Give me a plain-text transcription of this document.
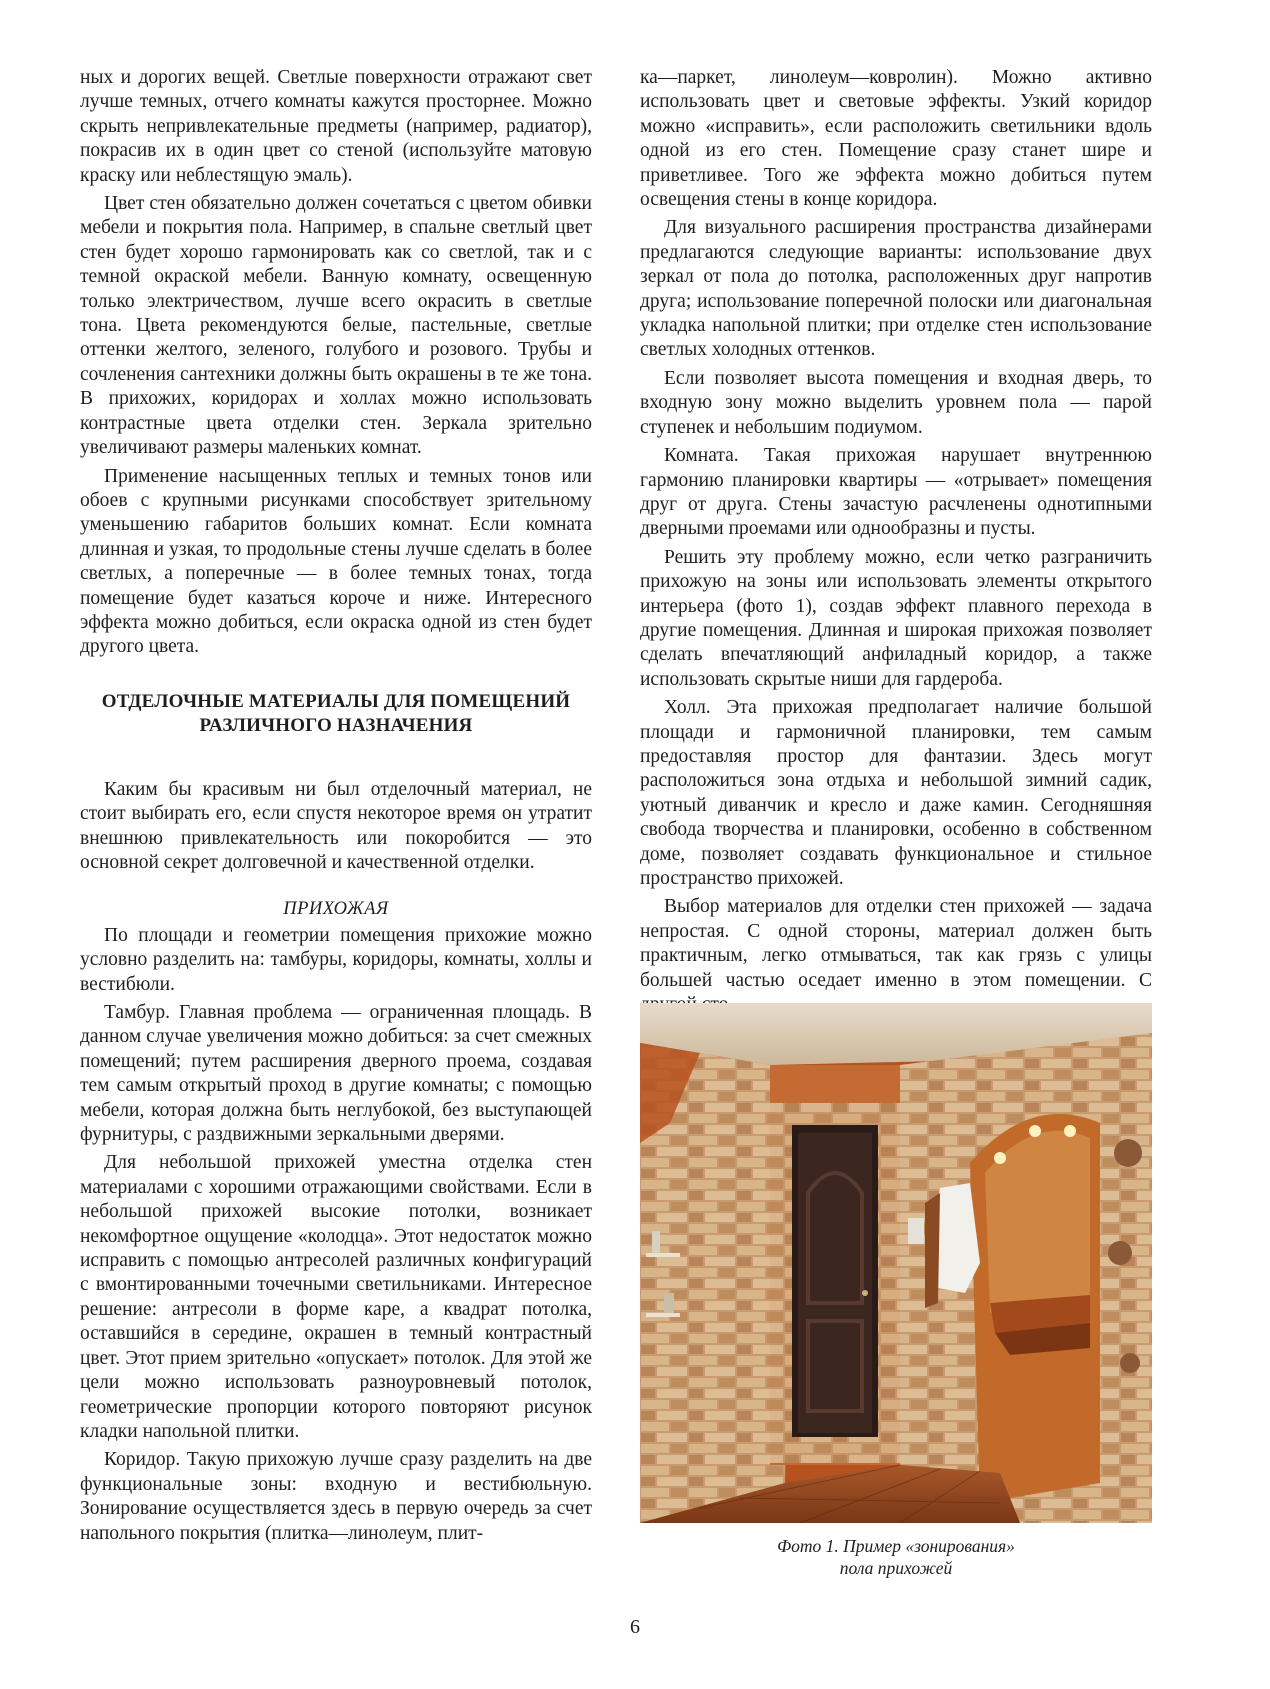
ных и дорогих вещей. Светлые поверхности отражают свет лучше темных, отчего комнаты кажутся просторнее. Можно скрыть непривлекательные предметы (например, радиатор), покрасив их в один цвет со стеной (используйте матовую краску или неблестящую эмаль).

Цвет стен обязательно должен сочетаться с цветом обивки мебели и покрытия пола. Например, в спальне светлый цвет стен будет хорошо гармонировать как со светлой, так и с темной окраской мебели. Ванную комнату, освещенную только электричеством, лучше всего окрасить в светлые тона. Цвета рекомендуются белые, пастельные, светлые оттенки желтого, зеленого, голубого и розового. Трубы и сочленения сантехники должны быть окрашены в те же тона. В прихожих, коридорах и холлах можно использовать контрастные цвета отделки стен. Зеркала зрительно увеличивают размеры маленьких комнат.

Применение насыщенных теплых и темных тонов или обоев с крупными рисунками способствует зрительному уменьшению габаритов больших комнат. Если комната длинная и узкая, то продольные стены лучше сделать в более светлых, а поперечные — в более темных тонах, тогда помещение будет казаться короче и ниже. Интересного эффекта можно добиться, если окраска одной из стен будет другого цвета.

ОТДЕЛОЧНЫЕ МАТЕРИАЛЫ ДЛЯ ПОМЕЩЕНИЙ
РАЗЛИЧНОГО НАЗНАЧЕНИЯ

Каким бы красивым ни был отделочный материал, не стоит выбирать его, если спустя некоторое время он утратит внешнюю привлекательность или покоробится — это основной секрет долговечной и качественной отделки.

ПРИХОЖАЯ

По площади и геометрии помещения прихожие можно условно разделить на: тамбуры, коридоры, комнаты, холлы и вестибюли.

Тамбур. Главная проблема — ограниченная площадь. В данном случае увеличения можно добиться: за счет смежных помещений; путем расширения дверного проема, создавая тем самым открытый проход в другие комнаты; с помощью мебели, которая должна быть неглубокой, без выступающей фурнитуры, с раздвижными зеркальными дверями.

Для небольшой прихожей уместна отделка стен материалами с хорошими отражающими свойствами. Если в небольшой прихожей высокие потолки, возникает некомфортное ощущение «колодца». Этот недостаток можно исправить с помощью антресолей различных конфигураций с вмонтированными точечными светильниками. Интересное решение: антресоли в форме каре, а квадрат потолка, оставшийся в середине, окрашен в темный контрастный цвет. Этот прием зрительно «опускает» потолок. Для этой же цели можно использовать разноуровневый потолок, геометрические пропорции которого повторяют рисунок кладки напольной плитки.

Коридор. Такую прихожую лучше сразу разделить на две функциональные зоны: входную и вестибюльную. Зонирование осуществляется здесь в первую очередь за счет напольного покрытия (плитка—линолеум, плит-

ка—паркет, линолеум—ковролин). Можно активно использовать цвет и световые эффекты. Узкий коридор можно «исправить», если расположить светильники вдоль одной из его стен. Помещение сразу станет шире и приветливее. Того же эффекта можно добиться путем освещения стены в конце коридора.

Для визуального расширения пространства дизайнерами предлагаются следующие варианты: использование двух зеркал от пола до потолка, расположенных друг напротив друга; использование поперечной полоски или диагональная укладка напольной плитки; при отделке стен использование светлых холодных оттенков.

Если позволяет высота помещения и входная дверь, то входную зону можно выделить уровнем пола — парой ступенек и небольшим подиумом.

Комната. Такая прихожая нарушает внутреннюю гармонию планировки квартиры — «отрывает» помещения друг от друга. Стены зачастую расчленены однотипными дверными проемами или однообразны и пусты.

Решить эту проблему можно, если четко разграничить прихожую на зоны или использовать элементы открытого интерьера (фото 1), создав эффект плавного перехода в другие помещения. Длинная и широкая прихожая позволяет сделать впечатляющий анфиладный коридор, а также использовать скрытые ниши для гардероба.

Холл. Эта прихожая предполагает наличие большой площади и гармоничной планировки, тем самым предоставляя простор для фантазии. Здесь могут расположиться зона отдыха и небольшой зимний садик, уютный диванчик и кресло и даже камин. Сегодняшняя свобода творчества и планировки, особенно в собственном доме, позволяет создавать функциональное и стильное пространство прихожей.

Выбор материалов для отделки стен прихожей — задача непростая. С одной стороны, материал должен быть практичным, легко отмываться, так как грязь с улицы большей частью оседает именно в этом помещении. С

Фото 1. Пример «зонирования»
пола прихожей
6
